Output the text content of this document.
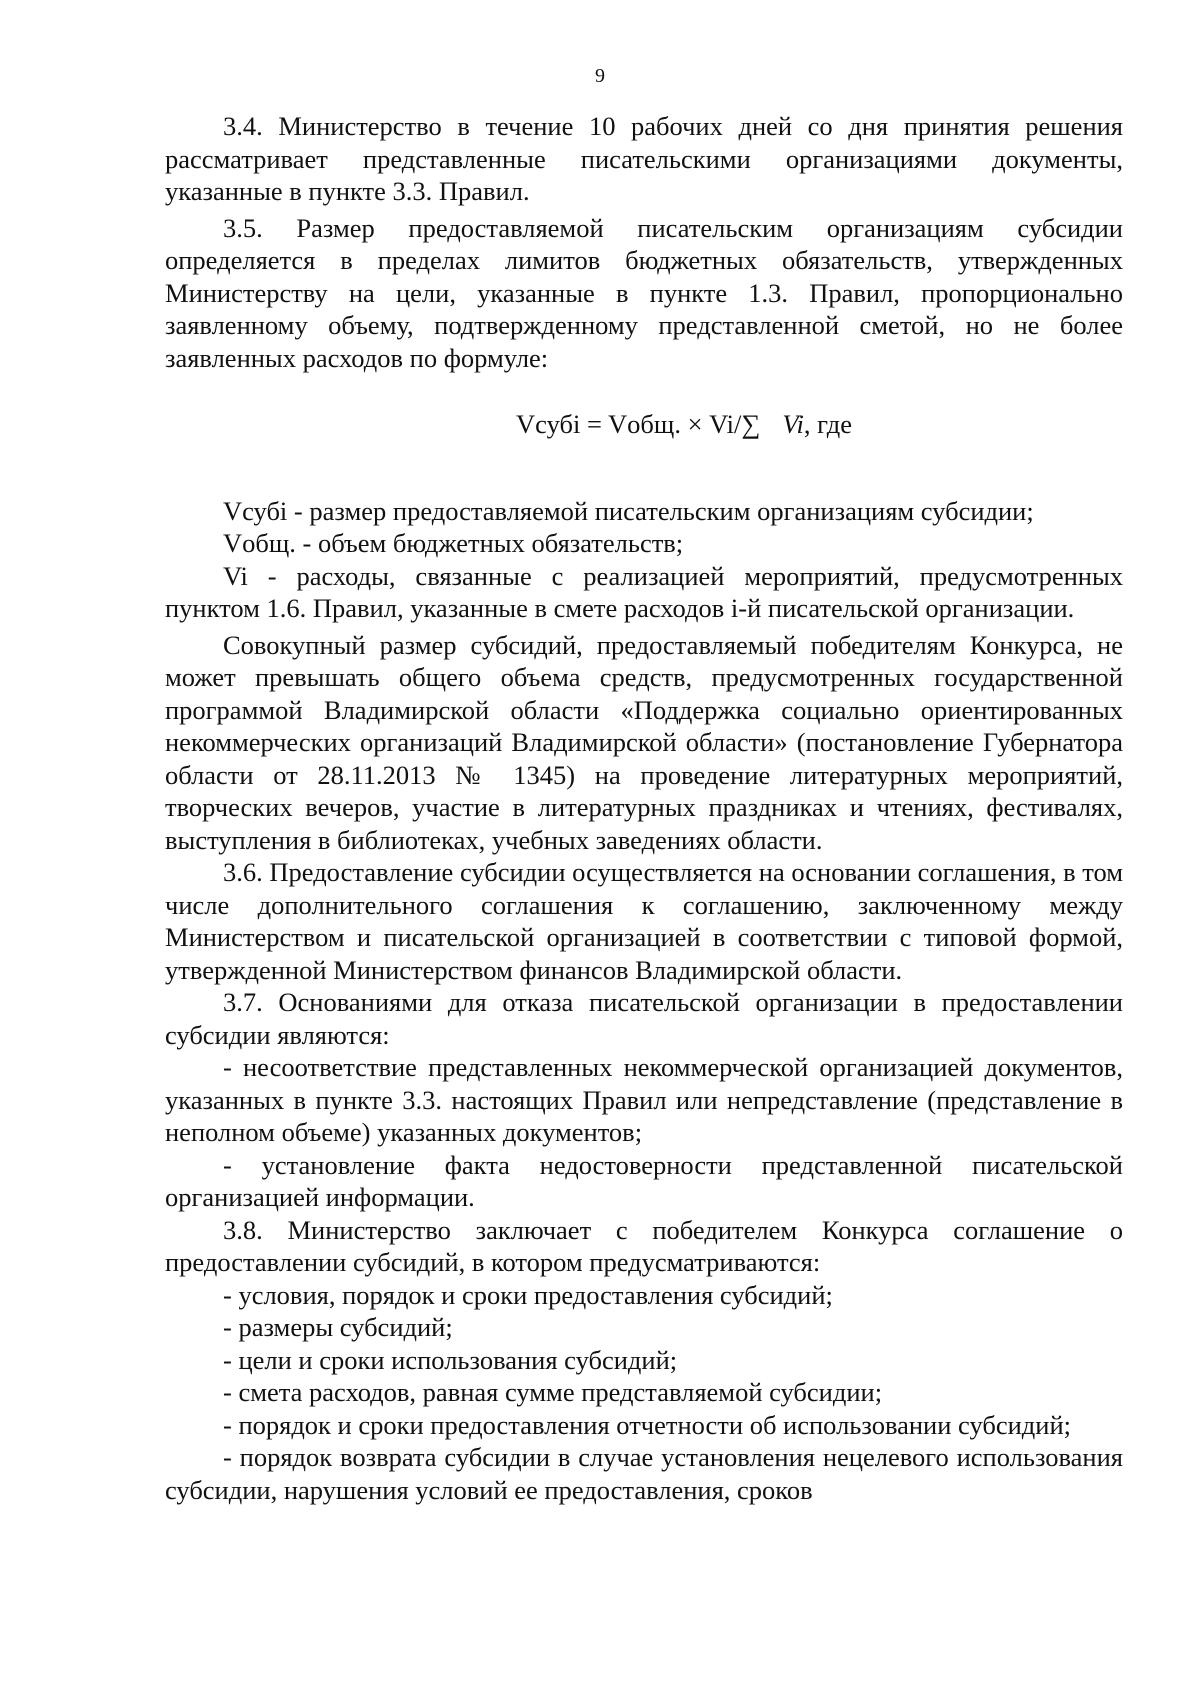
9

3.4. Министерство в течение 10 рабочих дней со дня принятия решения рассматривает представленные писательскими организациями документы, указанные в пункте 3.3. Правил.

3.5. Размер предоставляемой писательским организациям субсидии определяется в пределах лимитов бюджетных обязательств, утвержденных Министерству на цели, указанные в пункте 1.3. Правил, пропорционально заявленному объему, подтвержденному представленной сметой, но не более заявленных расходов по формуле:

Vсубi = Vобщ. × Vi/∑ Vi, где

Vсубi - размер предоставляемой писательским организациям субсидии;

Vобщ. - объем бюджетных обязательств;

Vi - расходы, связанные с реализацией мероприятий, предусмотренных пунктом 1.6. Правил, указанные в смете расходов i-й писательской организации.

Совокупный размер субсидий, предоставляемый победителям Конкурса, не может превышать общего объема средств, предусмотренных государственной программой Владимирской области «Поддержка социально ориентированных некоммерческих организаций Владимирской области» (постановление Губернатора области от 28.11.2013 № 1345) на проведение литературных мероприятий, творческих вечеров, участие в литературных праздниках и чтениях, фестивалях, выступления в библиотеках, учебных заведениях области.

3.6. Предоставление субсидии осуществляется на основании соглашения, в том числе дополнительного соглашения к соглашению, заключенному между Министерством и писательской организацией в соответствии с типовой формой, утвержденной Министерством финансов Владимирской области.

3.7. Основаниями для отказа писательской организации в предоставлении субсидии являются:

- несоответствие представленных некоммерческой организацией документов, указанных в пункте 3.3. настоящих Правил или непредставление (представление в неполном объеме) указанных документов;

- установление факта недостоверности представленной писательской организацией информации.

3.8. Министерство заключает с победителем Конкурса соглашение о предоставлении субсидий, в котором предусматриваются:

- условия, порядок и сроки предоставления субсидий;

- размеры субсидий;

- цели и сроки использования субсидий;

- смета расходов, равная сумме представляемой субсидии;

- порядок и сроки предоставления отчетности об использовании субсидий;

- порядок возврата субсидии в случае установления нецелевого использования субсидии, нарушения условий ее предоставления, сроков
